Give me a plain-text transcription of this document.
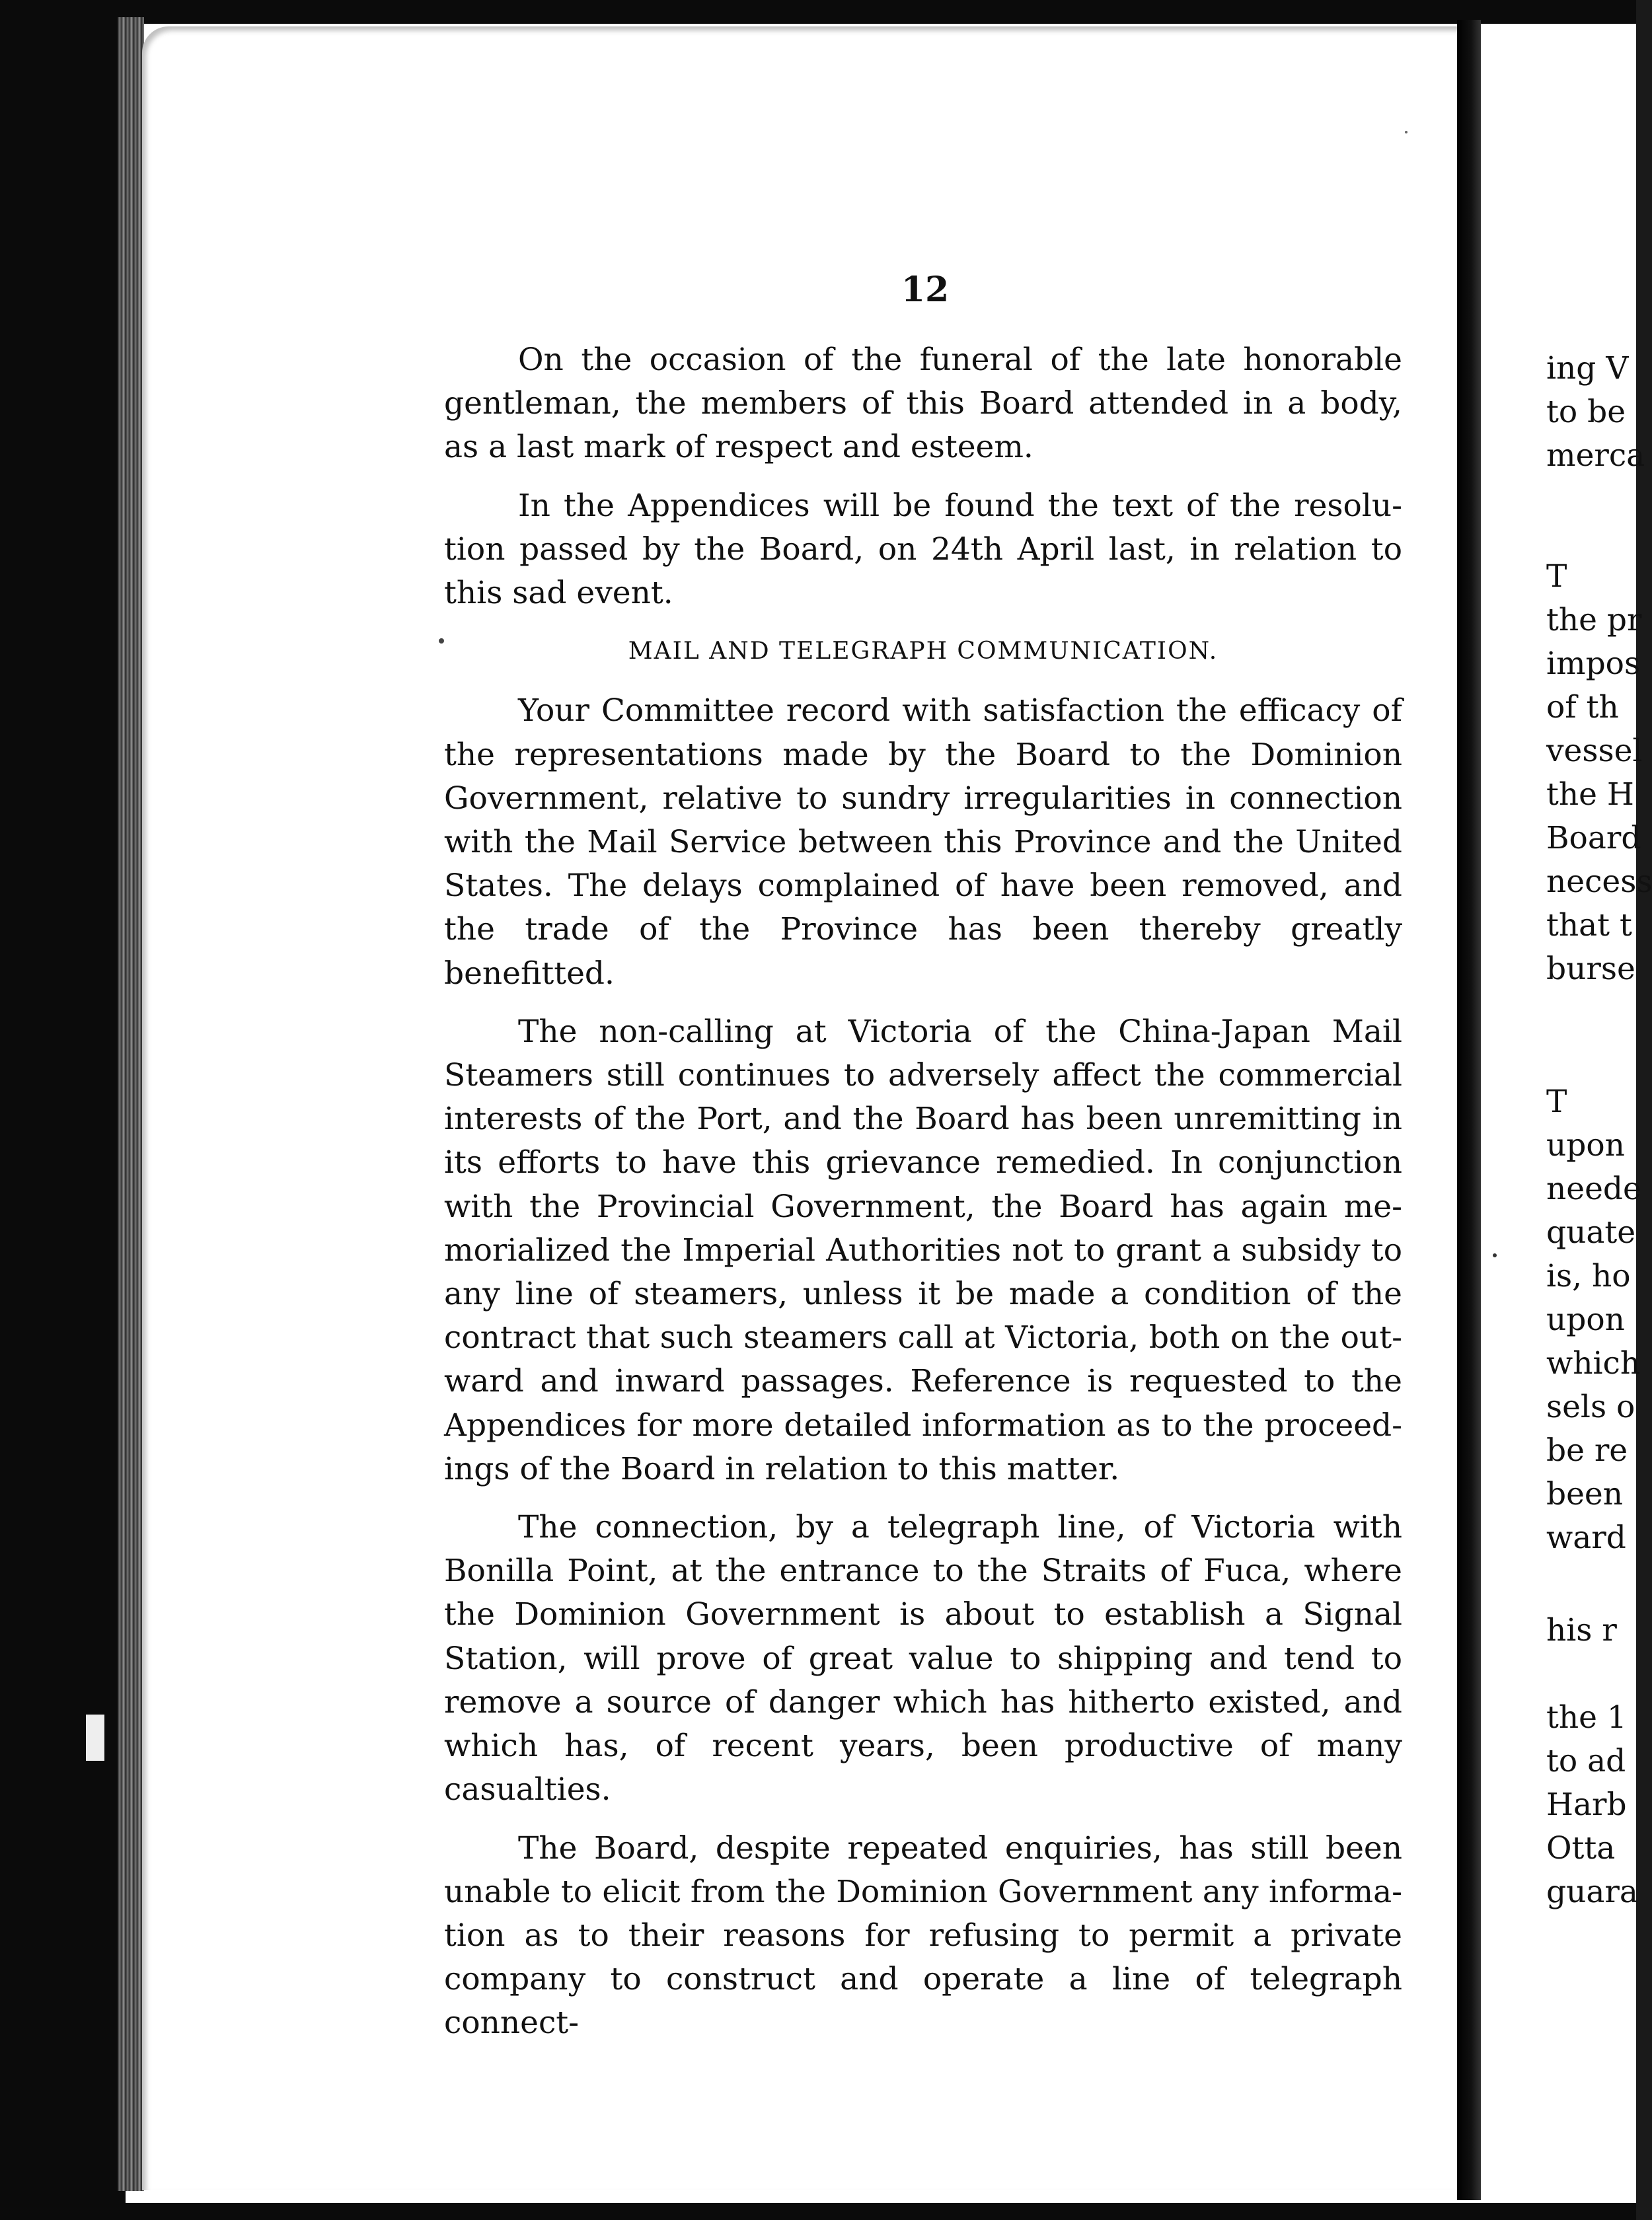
12

On the occasion of the funeral of the late honorable gentleman, the members of this Board attended in a body, as a last mark of respect and esteem.

In the Appendices will be found the text of the resolution passed by the Board, on 24th April last, in relation to this sad event.

MAIL AND TELEGRAPH COMMUNICATION.

Your Committee record with satisfaction the efficacy of the representations made by the Board to the Dominion Government, relative to sundry irregularities in connection with the Mail Service between this Province and the United States. The delays complained of have been removed, and the trade of the Province has been thereby greatly benefitted.

The non-calling at Victoria of the China-Japan Mail Steamers still continues to adversely affect the commercial interests of the Port, and the Board has been unremitting in its efforts to have this grievance remedied. In conjunction with the Provincial Government, the Board has again memorialized the Imperial Authorities not to grant a subsidy to any line of steamers, unless it be made a condition of the contract that such steamers call at Victoria, both on the outward and inward passages. Reference is requested to the Appendices for more detailed information as to the proceedings of the Board in relation to this matter.

The connection, by a telegraph line, of Victoria with Bonilla Point, at the entrance to the Straits of Fuca, where the Dominion Government is about to establish a Signal Station, will prove of great value to shipping and tend to remove a source of danger which has hitherto existed, and which has, of recent years, been productive of many casualties.

The Board, despite repeated enquiries, has still been unable to elicit from the Dominion Government any information as to their reasons for refusing to permit a private company to construct and operate a line of telegraph connect-

ing V
to be
merca
T
the pr
impos
of th
vessel
the H
Board
necess
that t
burse
T
upon
neede
quate
is, ho
upon
which
sels o
be re
been
ward
his r
the 1
to ad
Harb
Otta
guara
